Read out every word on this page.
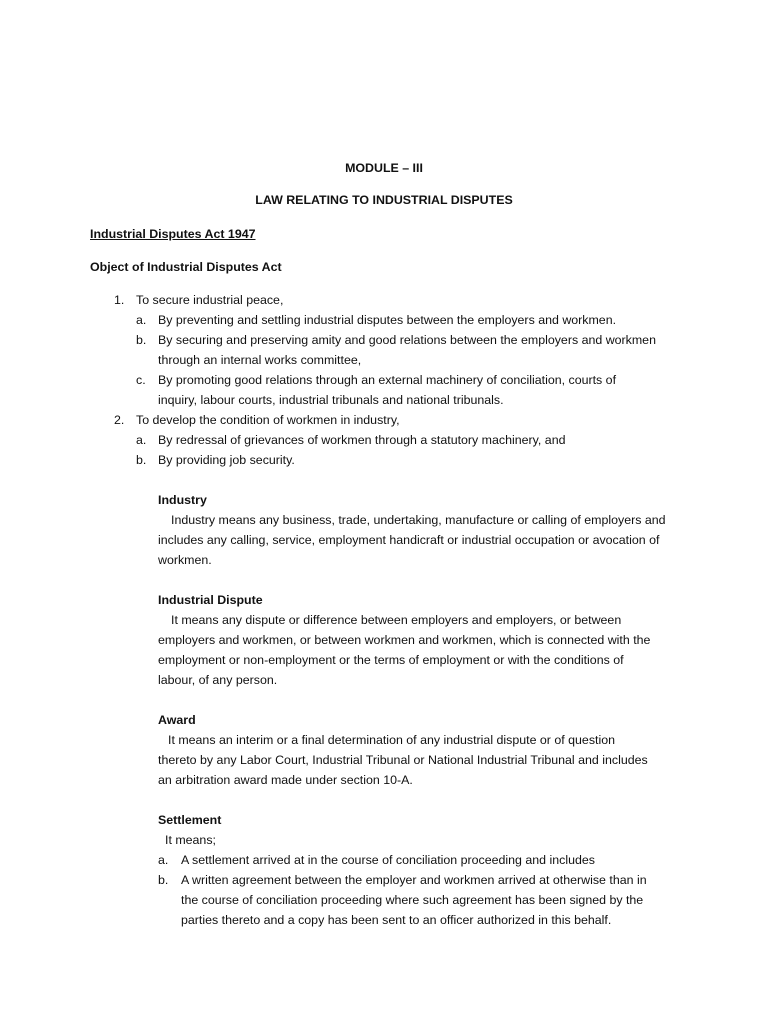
MODULE – III
LAW RELATING TO INDUSTRIAL DISPUTES
Industrial Disputes Act 1947
Object of Industrial Disputes Act
1. To secure industrial peace,
a. By preventing and settling industrial disputes between the employers and workmen.
b. By securing and preserving amity and good relations between the employers and workmen
through an internal works committee,
c. By promoting good relations through an external machinery of conciliation, courts of
inquiry, labour courts, industrial tribunals and national tribunals.
2. To develop the condition of workmen in industry,
a. By redressal of grievances of workmen through a statutory machinery, and
b. By providing job security.
Industry
Industry means any business, trade, undertaking, manufacture or calling of employers and
includes any calling, service, employment handicraft or industrial occupation or avocation of
workmen.
Industrial Dispute
It means any dispute or difference between employers and employers, or between
employers and workmen, or between workmen and workmen, which is connected with the
employment or non-employment or the terms of employment or with the conditions of
labour, of any person.
Award
It means an interim or a final determination of any industrial dispute or of question
thereto by any Labor Court, Industrial Tribunal or National Industrial Tribunal and includes
an arbitration award made under section 10-A.
Settlement
It means;
a. A settlement arrived at in the course of conciliation proceeding and includes
b. A written agreement between the employer and workmen arrived at otherwise than in
the course of conciliation proceeding where such agreement has been signed by the
parties thereto and a copy has been sent to an officer authorized in this behalf.
